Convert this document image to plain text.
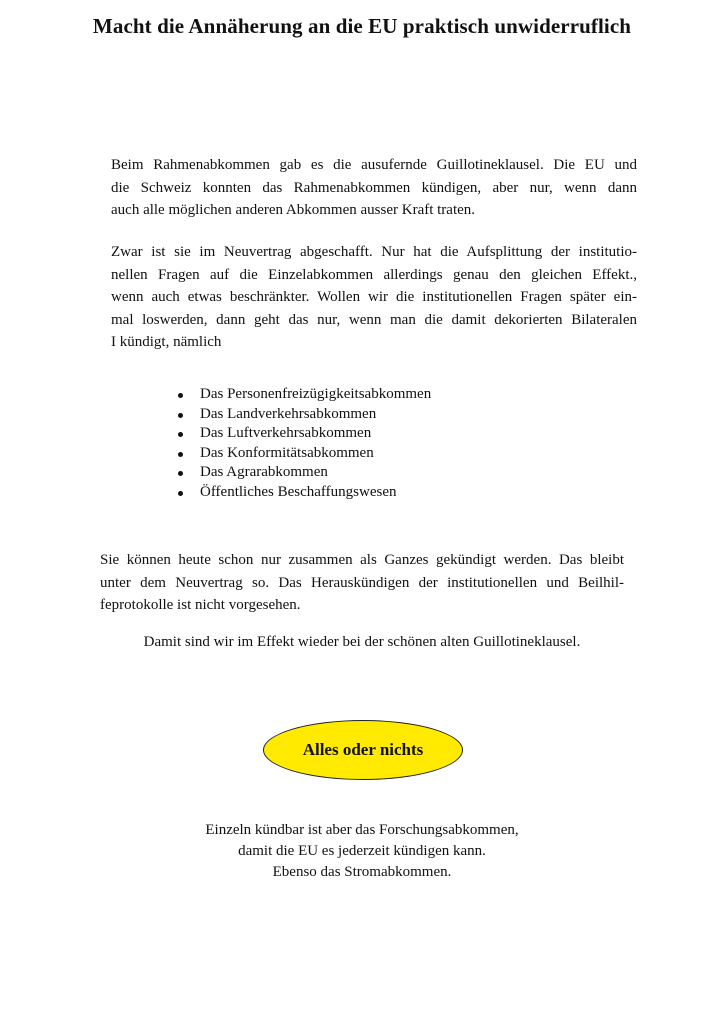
Macht die Annäherung an die EU praktisch unwiderruflich
Beim Rahmenabkommen gab es die ausufernde Guillotineklausel. Die EU und
die Schweiz konnten das Rahmenabkommen kündigen, aber nur, wenn dann
auch alle möglichen anderen Abkommen ausser Kraft traten.
Zwar ist sie im Neuvertrag abgeschafft. Nur hat die Aufsplittung der institutio-
nellen Fragen auf die Einzelabkommen allerdings genau den gleichen Effekt.,
wenn auch etwas beschränkter. Wollen wir die institutionellen Fragen später ein-
mal loswerden, dann geht das nur, wenn man die damit dekorierten Bilateralen
I kündigt, nämlich
Das Personenfreizügigkeitsabkommen
Das Landverkehrsabkommen
Das Luftverkehrsabkommen
Das Konformitätsabkommen
Das Agrarabkommen
Öffentliches Beschaffungswesen
Sie können heute schon nur zusammen als Ganzes gekündigt werden. Das bleibt
unter dem Neuvertrag so. Das Herauskündigen der institutionellen und Beilhil-
feprotokolle ist nicht vorgesehen.
Damit sind wir im Effekt wieder bei der schönen alten Guillotineklausel.
Alles oder nichts
Einzeln kündbar ist aber das Forschungsabkommen,
damit die EU es jederzeit kündigen kann.
Ebenso das Stromabkommen.
